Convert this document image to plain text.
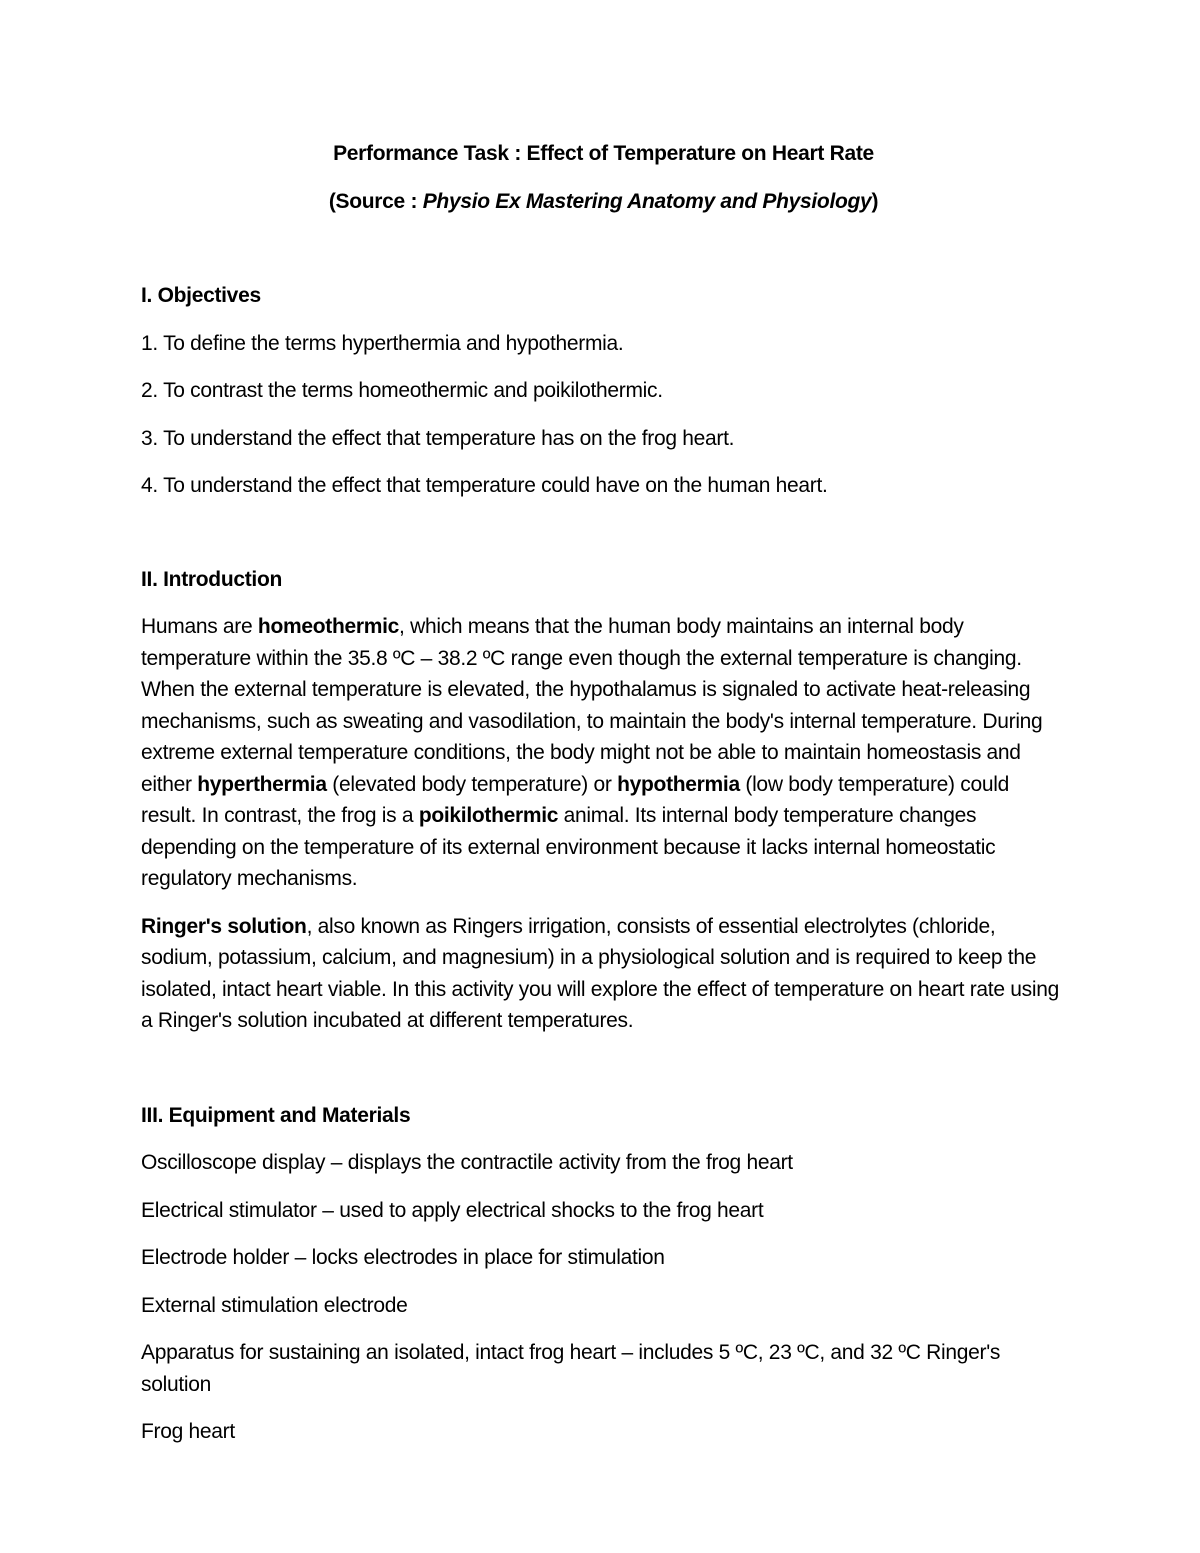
Performance Task : Effect of Temperature on Heart Rate

(Source : Physio Ex Mastering Anatomy and Physiology)

I. Objectives

1. To define the terms hyperthermia and hypothermia.

2. To contrast the terms homeothermic and poikilothermic.

3. To understand the effect that temperature has on the frog heart.

4. To understand the effect that temperature could have on the human heart.

II. Introduction

Humans are homeothermic, which means that the human body maintains an internal body temperature within the 35.8 ºC – 38.2 ºC range even though the external temperature is changing. When the external temperature is elevated, the hypothalamus is signaled to activate heat-releasing mechanisms, such as sweating and vasodilation, to maintain the body's internal temperature. During extreme external temperature conditions, the body might not be able to maintain homeostasis and either hyperthermia (elevated body temperature) or hypothermia (low body temperature) could result. In contrast, the frog is a poikilothermic animal. Its internal body temperature changes depending on the temperature of its external environment because it lacks internal homeostatic regulatory mechanisms.

Ringer's solution, also known as Ringers irrigation, consists of essential electrolytes (chloride, sodium, potassium, calcium, and magnesium) in a physiological solution and is required to keep the isolated, intact heart viable. In this activity you will explore the effect of temperature on heart rate using a Ringer's solution incubated at different temperatures.

III. Equipment and Materials

Oscilloscope display – displays the contractile activity from the frog heart

Electrical stimulator – used to apply electrical shocks to the frog heart

Electrode holder – locks electrodes in place for stimulation

External stimulation electrode

Apparatus for sustaining an isolated, intact frog heart – includes 5 ºC, 23 ºC, and 32 ºC Ringer's solution

Frog heart
